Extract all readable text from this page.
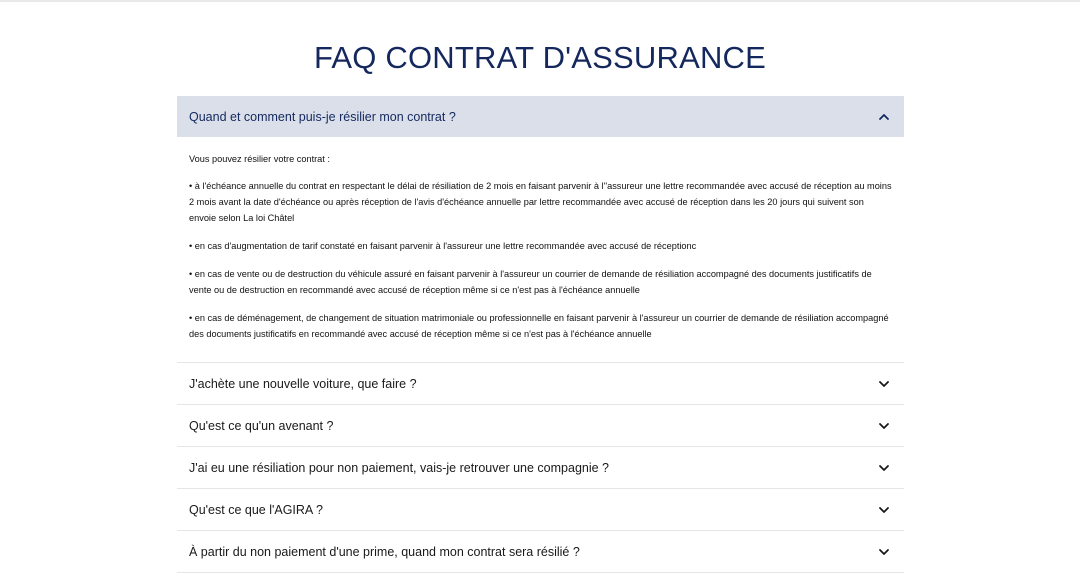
FAQ CONTRAT D'ASSURANCE
Quand et comment puis-je résilier mon contrat ?

Vous pouvez résilier votre contrat :

• à l'échéance annuelle du contrat en respectant le délai de résiliation de 2 mois en faisant parvenir à l''assureur une lettre recommandée avec accusé de réception au moins 2 mois avant la date d'échéance ou après réception de l'avis d'échéance annuelle par lettre recommandée avec accusé de réception dans les 20 jours qui suivent son envoie selon La loi Châtel

• en cas d'augmentation de tarif constaté en faisant parvenir à l'assureur une lettre recommandée avec accusé de réceptionc

• en cas de vente ou de destruction du véhicule assuré en faisant parvenir à l'assureur un courrier de demande de résiliation accompagné des documents justificatifs de vente ou de destruction en recommandé avec accusé de réception même si ce n'est pas à l'échéance annuelle

• en cas de déménagement, de changement de situation matrimoniale ou professionnelle en faisant parvenir à l'assureur un courrier de demande de résiliation accompagné des documents justificatifs en recommandé avec accusé de réception même si ce n'est pas à l'échéance annuelle

J'achète une nouvelle voiture, que faire ?
Qu'est ce qu'un avenant ?
J'ai eu une résiliation pour non paiement, vais-je retrouver une compagnie ?
Qu'est ce que l'AGIRA ?
À partir du non paiement d'une prime, quand mon contrat sera résilié ?
